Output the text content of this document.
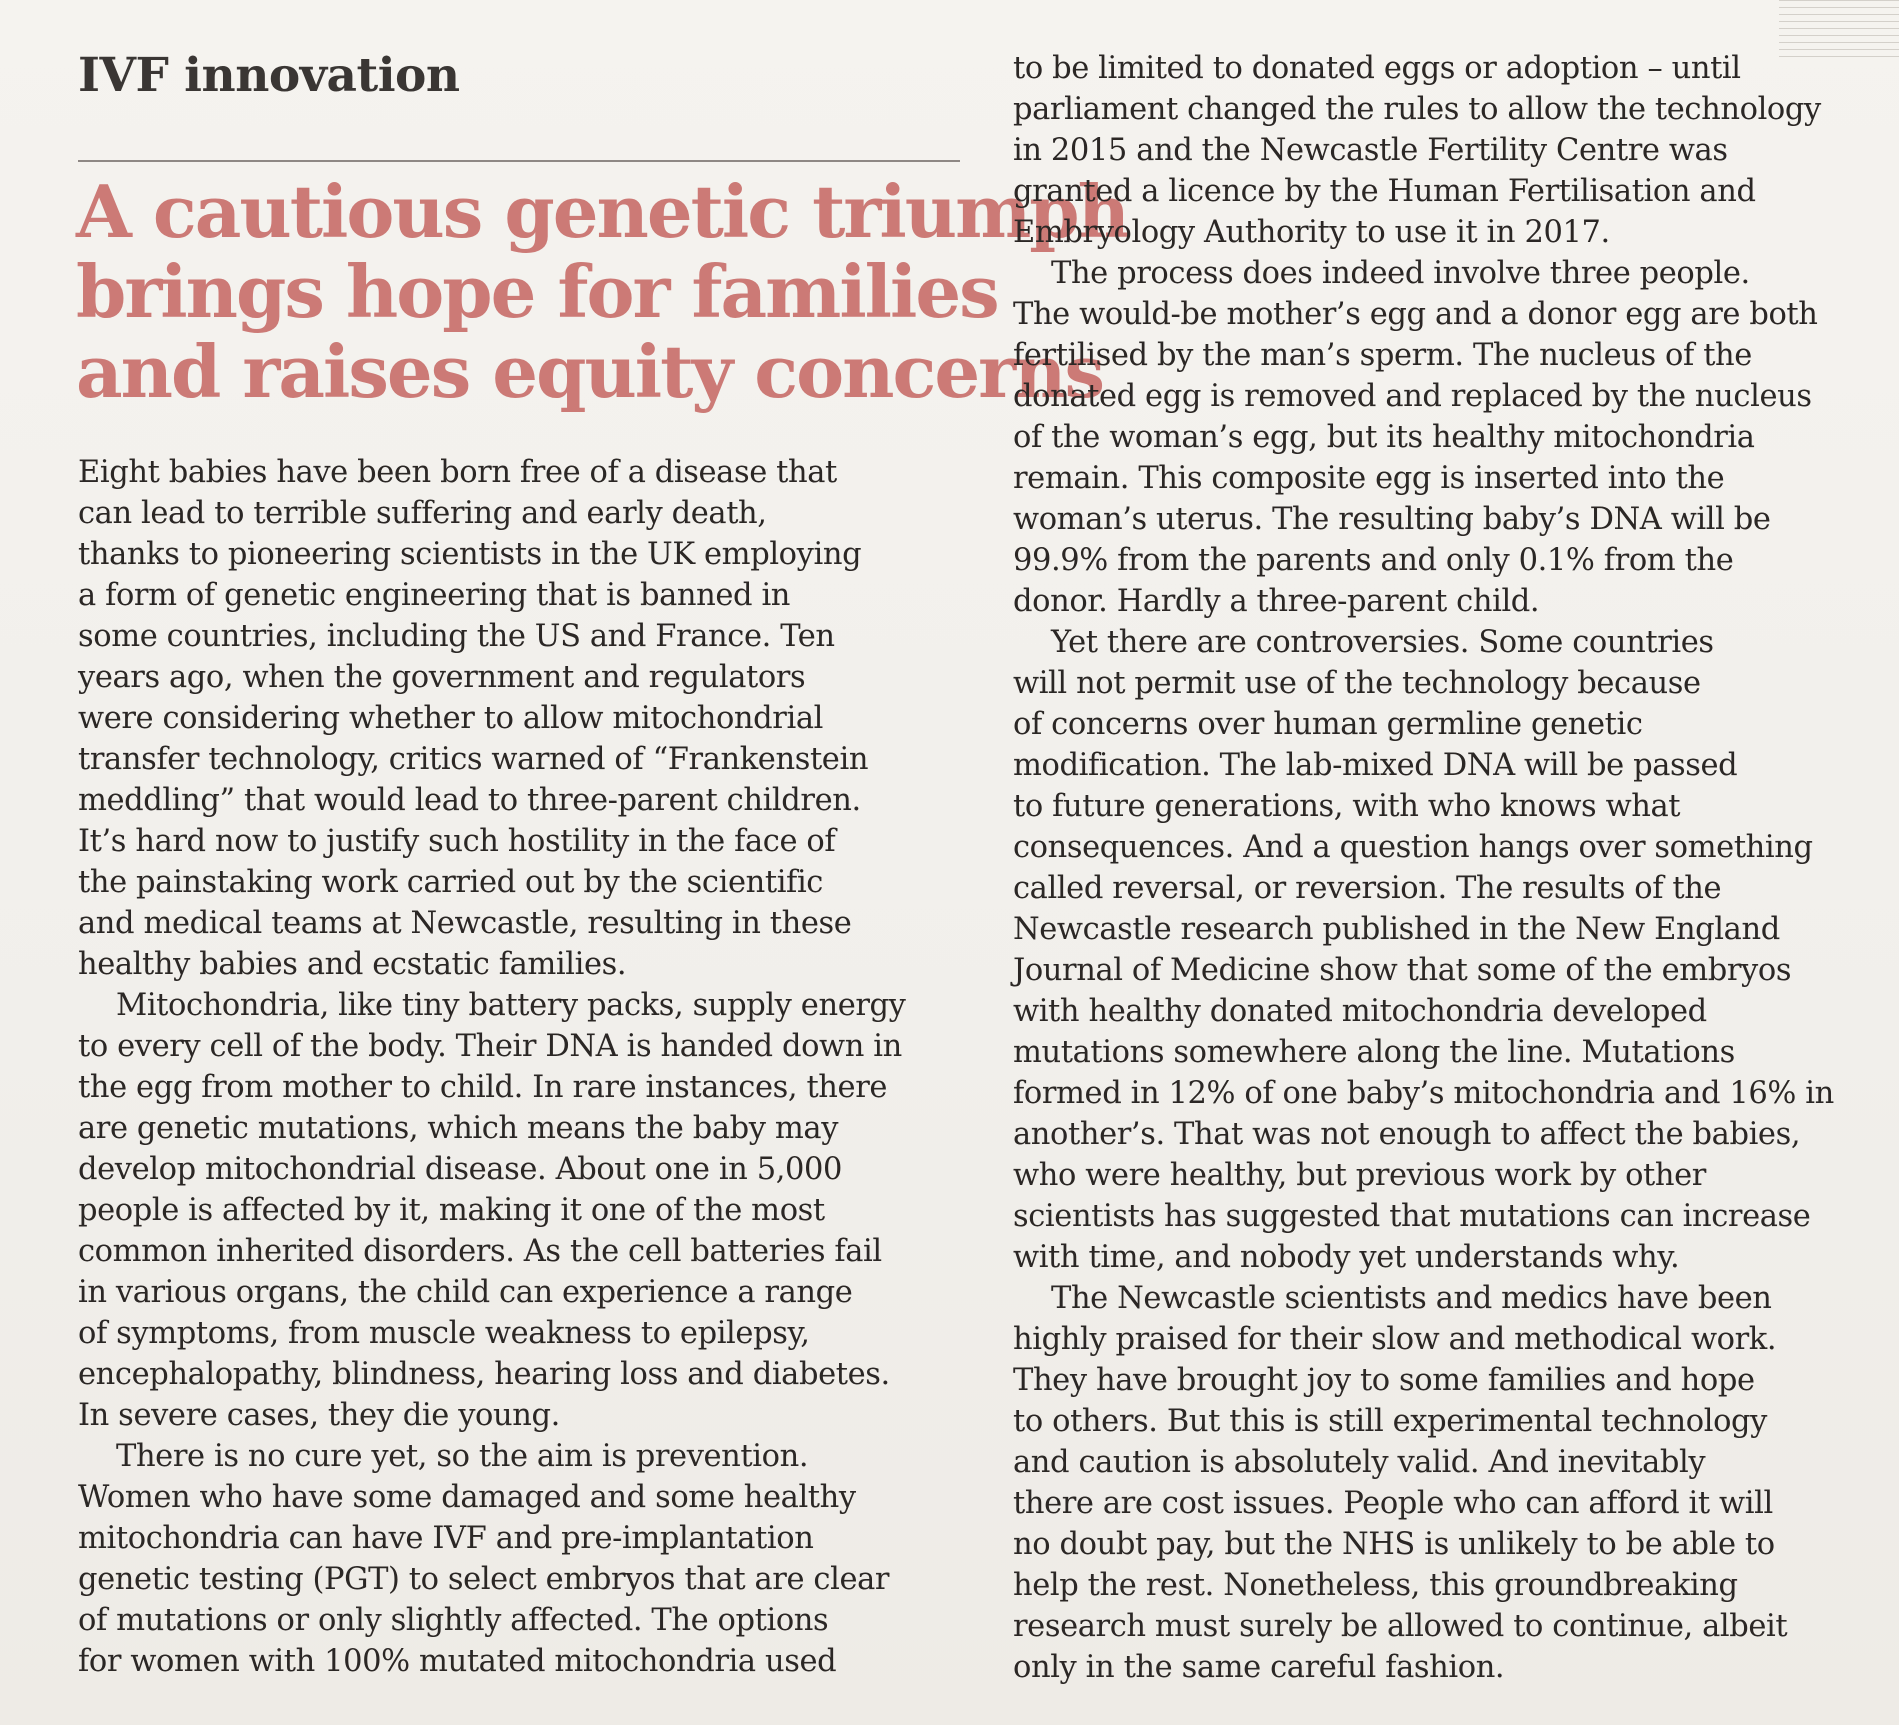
IVF innovation
A cautious genetic triumph
brings hope for families
and raises equity concerns

Eight babies have been born free of a disease that
can lead to terrible suffering and early death,
thanks to pioneering scientists in the UK employing
a form of genetic engineering that is banned in
some countries, including the US and France. Ten
years ago, when the government and regulators
were considering whether to allow mitochondrial
transfer technology, critics warned of “Frankenstein
meddling” that would lead to three-parent children.
It’s hard now to justify such hostility in the face of
the painstaking work carried out by the scientific
and medical teams at Newcastle, resulting in these
healthy babies and ecstatic families.

Mitochondria, like tiny battery packs, supply energy
to every cell of the body. Their DNA is handed down in
the egg from mother to child. In rare instances, there
are genetic mutations, which means the baby may
develop mitochondrial disease. About one in 5,000
people is affected by it, making it one of the most
common inherited disorders. As the cell batteries fail
in various organs, the child can experience a range
of symptoms, from muscle weakness to epilepsy,
encephalopathy, blindness, hearing loss and diabetes.
In severe cases, they die young.

There is no cure yet, so the aim is prevention.
Women who have some damaged and some healthy
mitochondria can have IVF and pre-implantation
genetic testing (PGT) to select embryos that are clear
of mutations or only slightly affected. The options
for women with 100% mutated mitochondria used

to be limited to donated eggs or adoption – until
parliament changed the rules to allow the technology
in 2015 and the Newcastle Fertility Centre was
granted a licence by the Human Fertilisation and
Embryology Authority to use it in 2017.

The process does indeed involve three people.
The would-be mother’s egg and a donor egg are both
fertilised by the man’s sperm. The nucleus of the
donated egg is removed and replaced by the nucleus
of the woman’s egg, but its healthy mitochondria
remain. This composite egg is inserted into the
woman’s uterus. The resulting baby’s DNA will be
99.9% from the parents and only 0.1% from the
donor. Hardly a three-parent child.

Yet there are controversies. Some countries
will not permit use of the technology because
of concerns over human germline genetic
modification. The lab-mixed DNA will be passed
to future generations, with who knows what
consequences. And a question hangs over something
called reversal, or reversion. The results of the
Newcastle research published in the New England
Journal of Medicine show that some of the embryos
with healthy donated mitochondria developed
mutations somewhere along the line. Mutations
formed in 12% of one baby’s mitochondria and 16% in
another’s. That was not enough to affect the babies,
who were healthy, but previous work by other
scientists has suggested that mutations can increase
with time, and nobody yet understands why.

The Newcastle scientists and medics have been
highly praised for their slow and methodical work.
They have brought joy to some families and hope
to others. But this is still experimental technology
and caution is absolutely valid. And inevitably
there are cost issues. People who can afford it will
no doubt pay, but the NHS is unlikely to be able to
help the rest. Nonetheless, this groundbreaking
research must surely be allowed to continue, albeit
only in the same careful fashion.
